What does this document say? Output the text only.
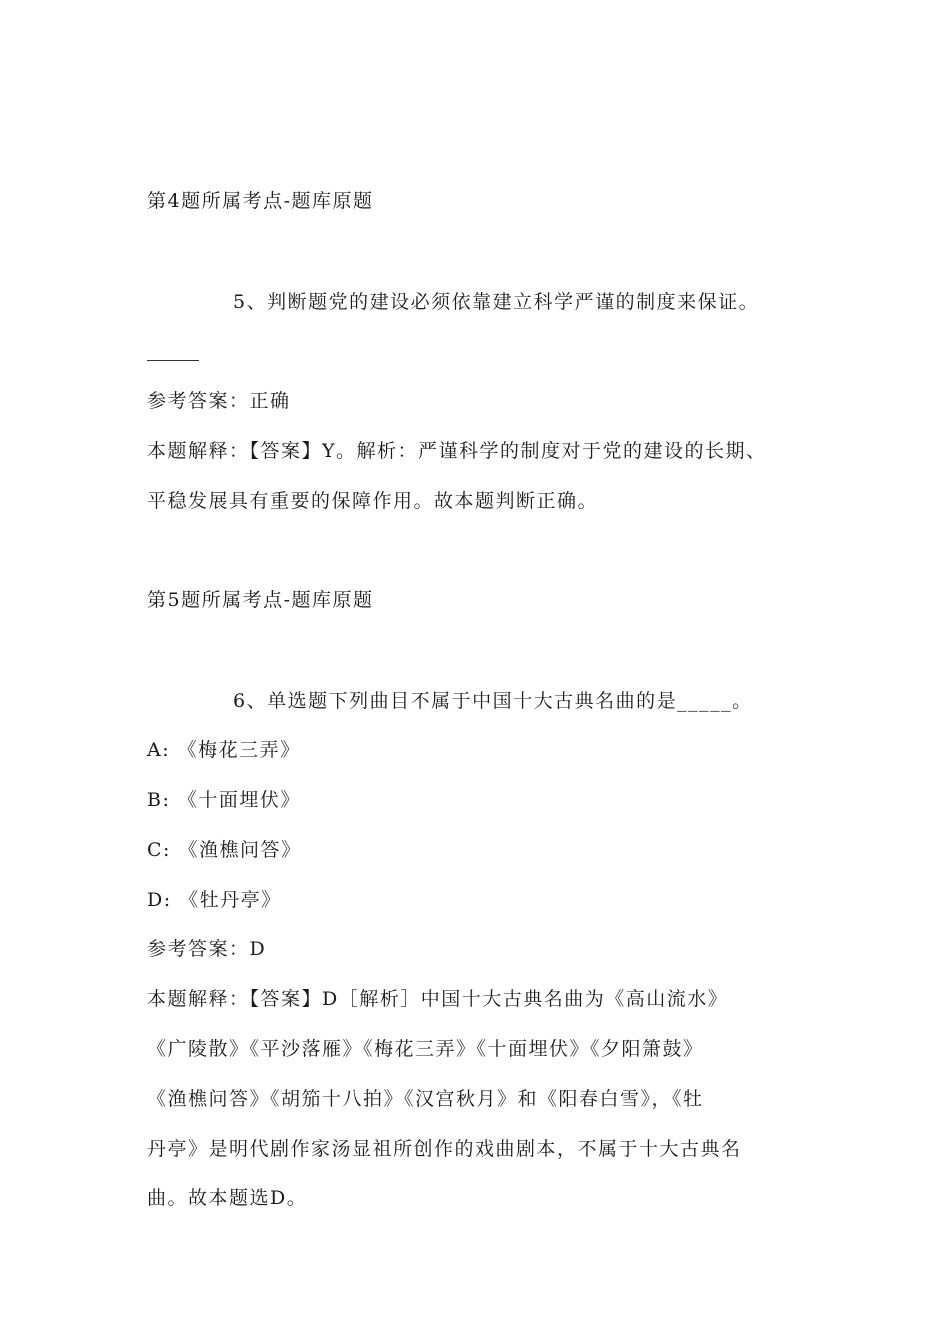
第4题所属考点-题库原题
5、判断题党的建设必须依靠建立科学严谨的制度来保证。
参考答案：正确
本题解释：【答案】Y。解析：严谨科学的制度对于党的建设的长期、
平稳发展具有重要的保障作用。故本题判断正确。
第5题所属考点-题库原题
6、单选题下列曲目不属于中国十大古典名曲的是_____。
A: 《梅花三弄》
B: 《十面埋伏》
C: 《渔樵问答》
D: 《牡丹亭》
参考答案：D
本题解释：【答案】D［解析］中国十大古典名曲为《高山流水》
《广陵散》《平沙落雁》《梅花三弄》《十面埋伏》《夕阳箫鼓》
《渔樵问答》《胡笳十八拍》《汉宫秋月》和《阳春白雪》，《牡
丹亭》是明代剧作家汤显祖所创作的戏曲剧本，不属于十大古典名
曲。故本题选D。
